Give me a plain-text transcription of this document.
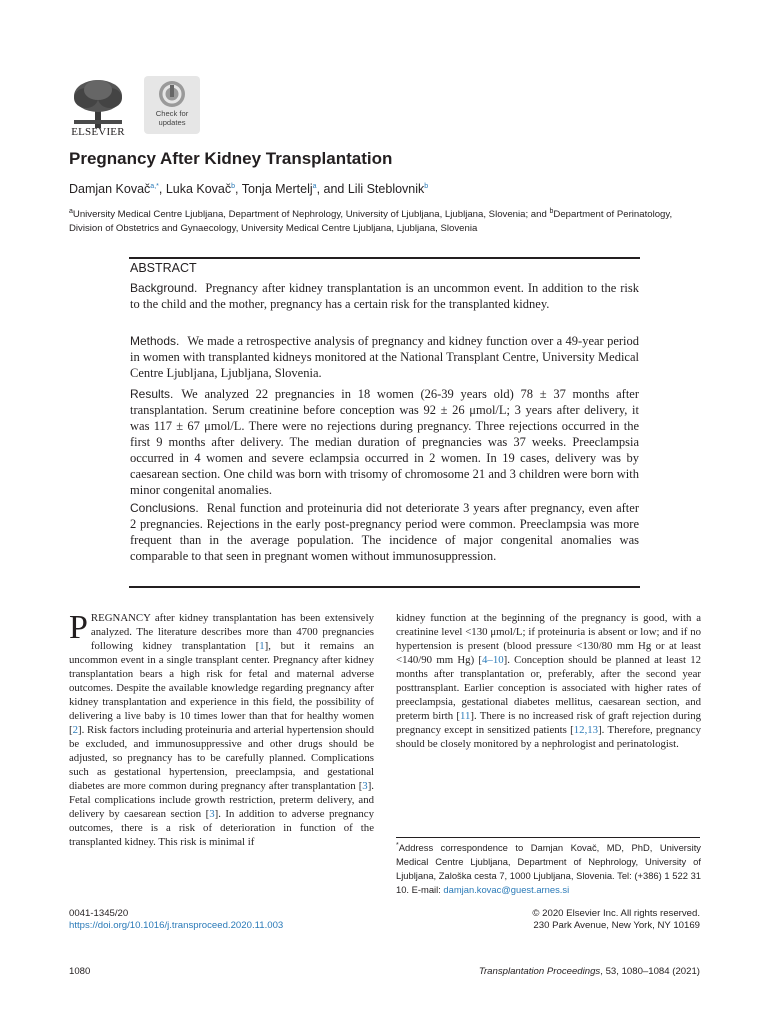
ELSEVIER
Check for
updates
Pregnancy After Kidney Transplantation
Damjan Kovač$^{a,*}$, Luka Kovač$^b$, Tonja Mertelj$^a$, and Lili Steblovnik$^b$
$^a$University Medical Centre Ljubljana, Department of Nephrology, University of Ljubljana, Ljubljana, Slovenia; and $^b$Department of Perinatology, Division of Obstetrics and Gynaecology, University Medical Centre Ljubljana, Ljubljana, Slovenia
ABSTRACT
Background. Pregnancy after kidney transplantation is an uncommon event. In addition to the risk to the child and the mother, pregnancy has a certain risk for the transplanted kidney.
Methods. We made a retrospective analysis of pregnancy and kidney function over a 49-year period in women with transplanted kidneys monitored at the National Transplant Centre, University Medical Centre Ljubljana, Ljubljana, Slovenia.
Results. We analyzed 22 pregnancies in 18 women (26-39 years old) 78 ± 37 months after transplantation. Serum creatinine before conception was 92 ± 26 μmol/L; 3 years after delivery, it was 117 ± 67 μmol/L. There were no rejections during pregnancy. Three rejections occurred in the first 9 months after delivery. The median duration of pregnancies was 37 weeks. Preeclampsia occurred in 4 women and severe eclampsia occurred in 2 women. In 19 cases, delivery was by caesarean section. One child was born with trisomy of chromosome 21 and 3 children were born with minor congenital anomalies.
Conclusions. Renal function and proteinuria did not deteriorate 3 years after pregnancy, even after 2 pregnancies. Rejections in the early post-pregnancy period were common. Preeclampsia was more frequent than in the average population. The incidence of major congenital anomalies was comparable to that seen in pregnant women without immunosuppression.
PREGNANCY after kidney transplantation has been extensively analyzed. The literature describes more than 4700 pregnancies following kidney transplantation [1], but it remains an uncommon event in a single transplant center. Pregnancy after kidney transplantation bears a high risk for fetal and maternal adverse outcomes. Despite the available knowledge regarding pregnancy after kidney transplantation and experience in this field, the possibility of delivering a live baby is 10 times lower than that for healthy women [2]. Risk factors including proteinuria and arterial hypertension should be excluded, and immunosuppressive and other drugs should be adjusted, so pregnancy has to be carefully planned. Complications such as gestational hypertension, preeclampsia, and gestational diabetes are more common during pregnancy after transplantation [3]. Fetal complications include growth restriction, preterm delivery, and delivery by caesarean section [3]. In addition to adverse pregnancy outcomes, there is a risk of deterioration in function of the transplanted kidney. This risk is minimal if
kidney function at the beginning of the pregnancy is good, with a creatinine level <130 μmol/L; if proteinuria is absent or low; and if no hypertension is present (blood pressure <130/80 mm Hg or at least <140/90 mm Hg) [4–10]. Conception should be planned at least 12 months after transplantation or, preferably, after the second year posttransplant. Earlier conception is associated with higher rates of preeclampsia, gestational diabetes mellitus, caesarean section, and preterm birth [11]. There is no increased risk of graft rejection during pregnancy except in sensitized patients [12,13]. Therefore, pregnancy should be closely monitored by a nephrologist and perinatologist.
*Address correspondence to Damjan Kovač, MD, PhD, University Medical Centre Ljubljana, Department of Nephrology, University of Ljubljana, Zaloška cesta 7, 1000 Ljubljana, Slovenia. Tel: (+386) 1 522 31 10. E-mail: damjan.kovac@guest.arnes.si
0041-1345/20
https://doi.org/10.1016/j.transproceed.2020.11.003
© 2020 Elsevier Inc. All rights reserved.
230 Park Avenue, New York, NY 10169
1080	Transplantation Proceedings, 53, 1080–1084 (2021)
